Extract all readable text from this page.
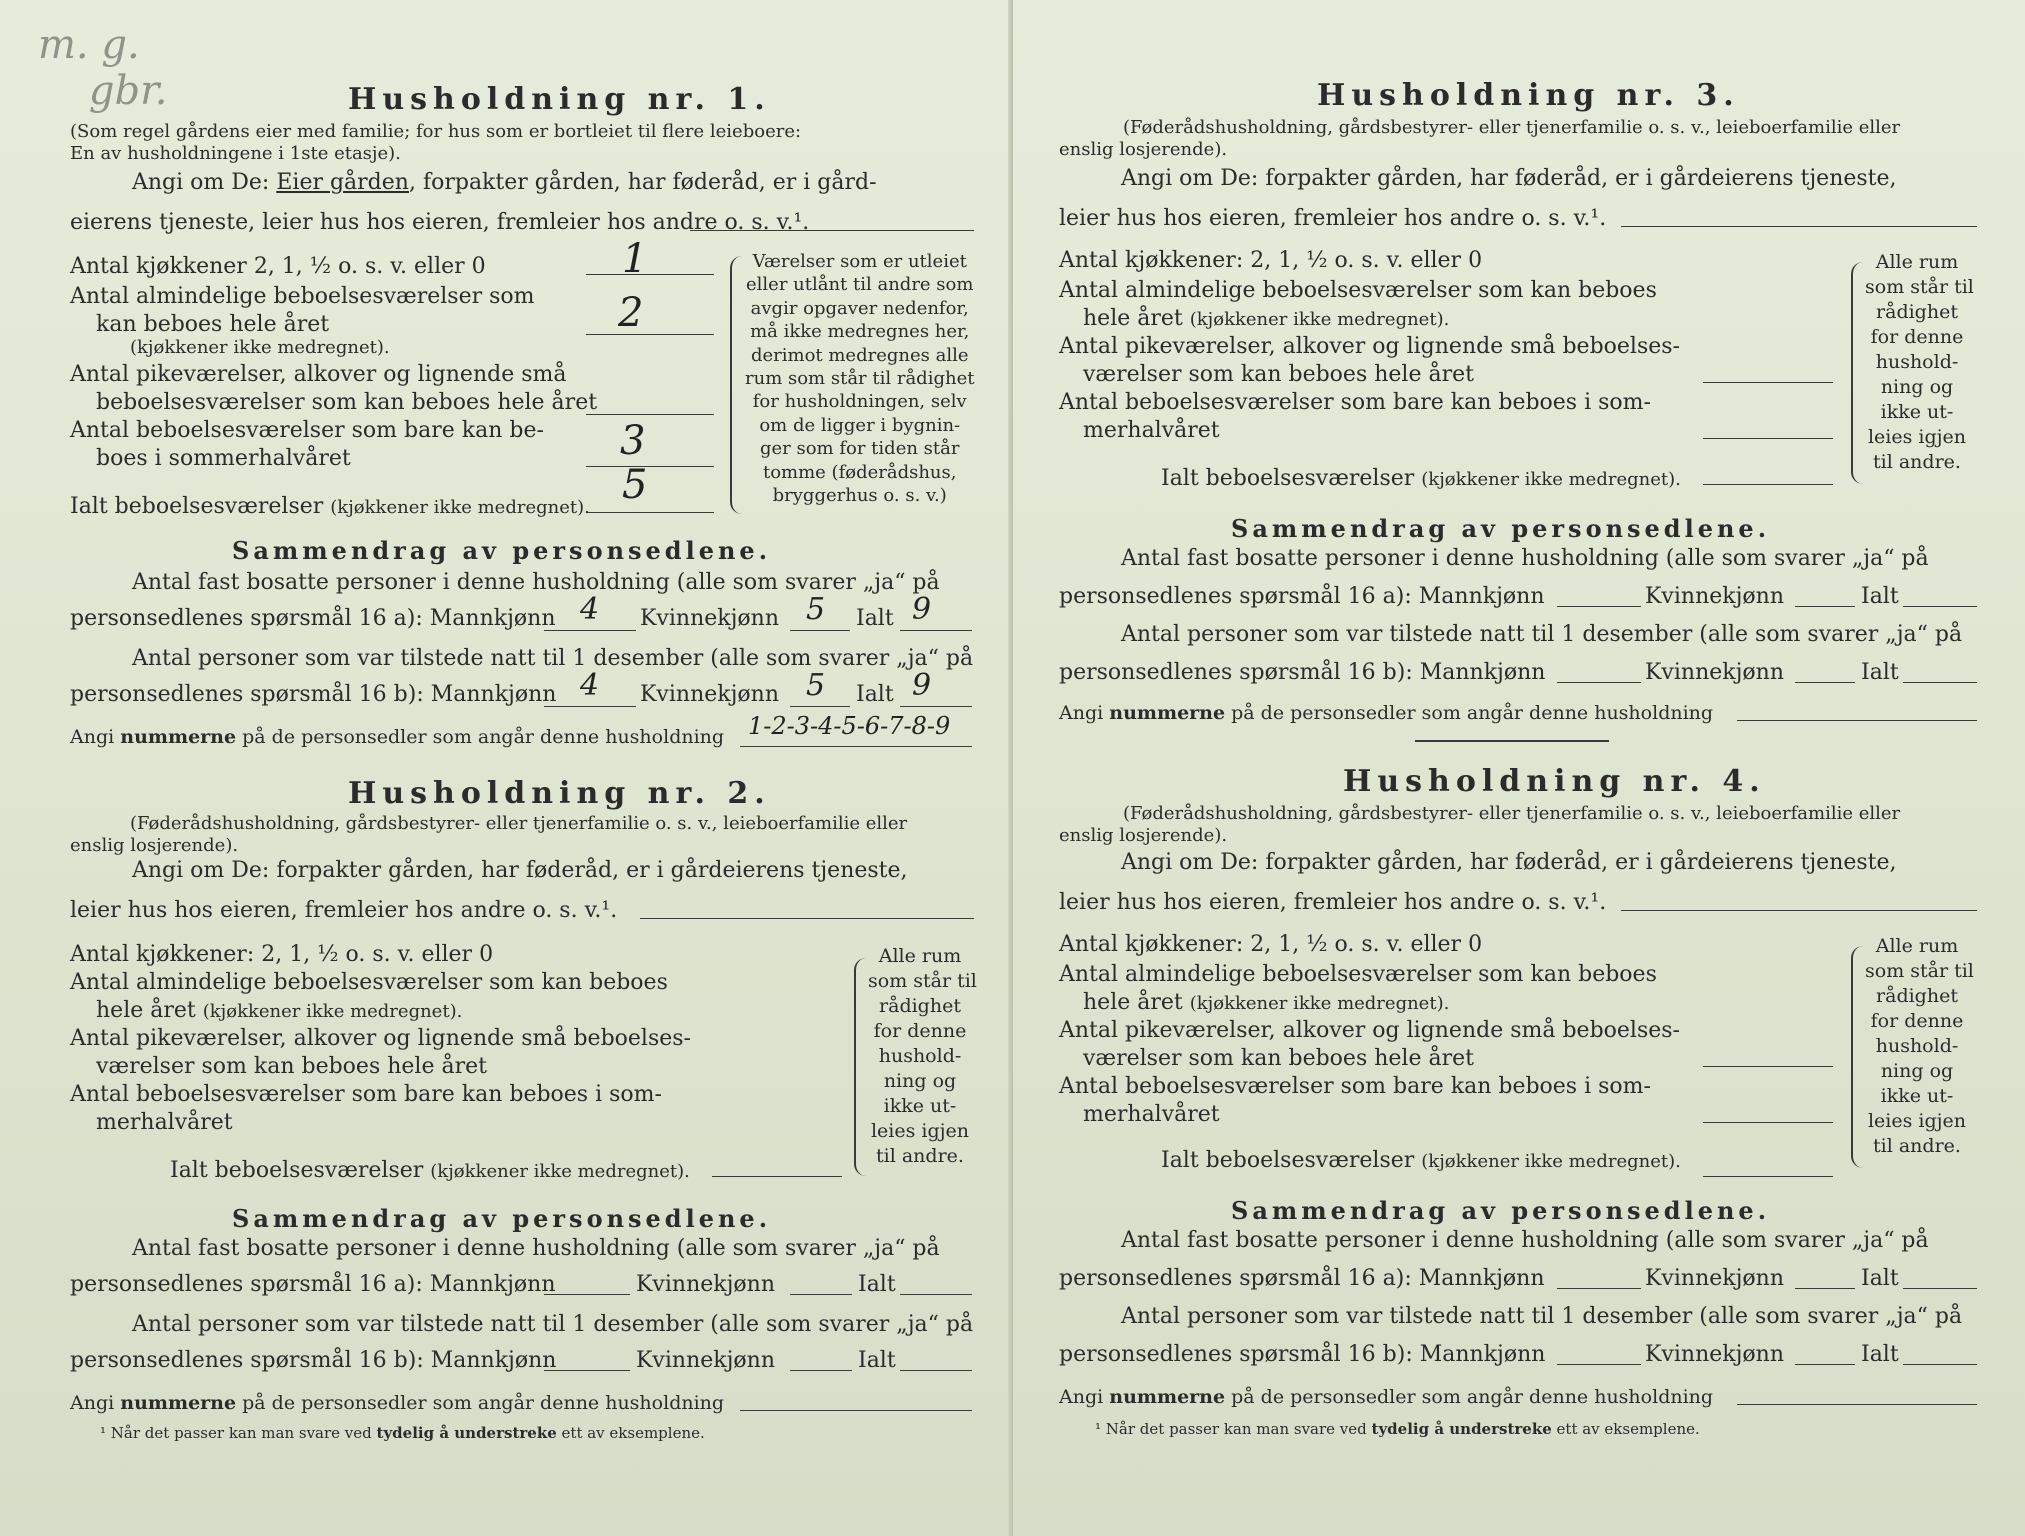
m. g.
gbr.	Husholdning nr. 1.
(Som regel gårdens eier med familie; for hus som er bortleiet til flere leieboere:
En av husholdningene i 1ste etasje).
Angi om De: Eier gården, forpakter gården, har føderåd, er i gård-
eierens tjeneste, leier hus hos eieren, fremleier hos andre o. s. v.¹.
Antal kjøkkener 2, 1, ½ o. s. v. eller 0	1
Antal almindelige beboelsesværelser som
kan beboes hele året
(kjøkkener ikke medregnet).
2
Antal pikeværelser, alkover og lignende små
beboelsesværelser som kan beboes hele året
Antal beboelsesværelser som bare kan be-
boes i sommerhalvåret	3
Ialt beboelsesværelser (kjøkkener ikke medregnet). 5
Værelser som er utleiet
eller utlånt til andre som
avgir opgaver nedenfor,
må ikke medregnes her,
derimot medregnes alle
rum som står til rådighet
for husholdningen, selv
om de ligger i bygnin-
ger som for tiden står
tomme (føderådshus,
bryggerhus o. s. v.)
Sammendrag av personsedlene.
Antal fast bosatte personer i denne husholdning (alle som svarer „ja“ på
personsedlenes spørsmål 16 a): Mannkjønn 4 Kvinnekjønn 5 Ialt 9
Antal personer som var tilstede natt til 1 desember (alle som svarer „ja“ på
personsedlenes spørsmål 16 b): Mannkjønn 4 Kvinnekjønn 5 Ialt 9
Angi nummerne på de personsedler som angår denne husholdning 1-2-3-4-5-6-7-8-9
Husholdning nr. 2.
(Føderådshusholdning, gårdsbestyrer- eller tjenerfamilie o. s. v., leieboerfamilie eller
enslig losjerende).
Angi om De: forpakter gården, har føderåd, er i gårdeierens tjeneste,
leier hus hos eieren, fremleier hos andre o. s. v.¹.
Antal kjøkkener: 2, 1, ½ o. s. v. eller 0
Antal almindelige beboelsesværelser som kan beboes
hele året (kjøkkener ikke medregnet).
Antal pikeværelser, alkover og lignende små beboelses-
værelser som kan beboes hele året
Antal beboelsesværelser som bare kan beboes i som-
merhalvåret
Ialt beboelsesværelser (kjøkkener ikke medregnet).
Alle rum
som står til
rådighet
for denne
hushold-
ning og
ikke ut-
leies igjen
til andre.
Sammendrag av personsedlene.
Antal fast bosatte personer i denne husholdning (alle som svarer „ja“ på
personsedlenes spørsmål 16 a): Mannkjønn	Kvinnekjønn	Ialt
Antal personer som var tilstede natt til 1 desember (alle som svarer „ja“ på
personsedlenes spørsmål 16 b): Mannkjønn	Kvinnekjønn	Ialt
Angi nummerne på de personsedler som angår denne husholdning
¹ Når det passer kan man svare ved tydelig å understreke ett av eksemplene.
Husholdning nr. 3.
(Føderådshusholdning, gårdsbestyrer- eller tjenerfamilie o. s. v., leieboerfamilie eller
enslig losjerende).
Angi om De: forpakter gården, har føderåd, er i gårdeierens tjeneste,
leier hus hos eieren, fremleier hos andre o. s. v.¹.
Antal kjøkkener: 2, 1, ½ o. s. v. eller 0
Antal almindelige beboelsesværelser som kan beboes
hele året (kjøkkener ikke medregnet).
Antal pikeværelser, alkover og lignende små beboelses-
værelser som kan beboes hele året
Antal beboelsesværelser som bare kan beboes i som-
merhalvåret
Ialt beboelsesværelser (kjøkkener ikke medregnet).
Alle rum
som står til
rådighet
for denne
hushold-
ning og
ikke ut-
leies igjen
til andre.
Sammendrag av personsedlene.
Antal fast bosatte personer i denne husholdning (alle som svarer „ja“ på
personsedlenes spørsmål 16 a): Mannkjønn	Kvinnekjønn	Ialt
Antal personer som var tilstede natt til 1 desember (alle som svarer „ja“ på
personsedlenes spørsmål 16 b): Mannkjønn	Kvinnekjønn	Ialt
Angi nummerne på de personsedler som angår denne husholdning
Husholdning nr. 4.
(Føderådshusholdning, gårdsbestyrer- eller tjenerfamilie o. s. v., leieboerfamilie eller
enslig losjerende).
Angi om De: forpakter gården, har føderåd, er i gårdeierens tjeneste,
leier hus hos eieren, fremleier hos andre o. s. v.¹.
Antal kjøkkener: 2, 1, ½ o. s. v. eller 0
Antal almindelige beboelsesværelser som kan beboes
hele året (kjøkkener ikke medregnet).
Antal pikeværelser, alkover og lignende små beboelses-
værelser som kan beboes hele året
Antal beboelsesværelser som bare kan beboes i som-
merhalvåret
Ialt beboelsesværelser (kjøkkener ikke medregnet).
Alle rum
som står til
rådighet
for denne
hushold-
ning og
ikke ut-
leies igjen
til andre.
Sammendrag av personsedlene.
Antal fast bosatte personer i denne husholdning (alle som svarer „ja“ på
personsedlenes spørsmål 16 a): Mannkjønn	Kvinnekjønn	Ialt
Antal personer som var tilstede natt til 1 desember (alle som svarer „ja“ på
personsedlenes spørsmål 16 b): Mannkjønn	Kvinnekjønn	Ialt
Angi nummerne på de personsedler som angår denne husholdning
¹ Når det passer kan man svare ved tydelig å understreke ett av eksemplene.
